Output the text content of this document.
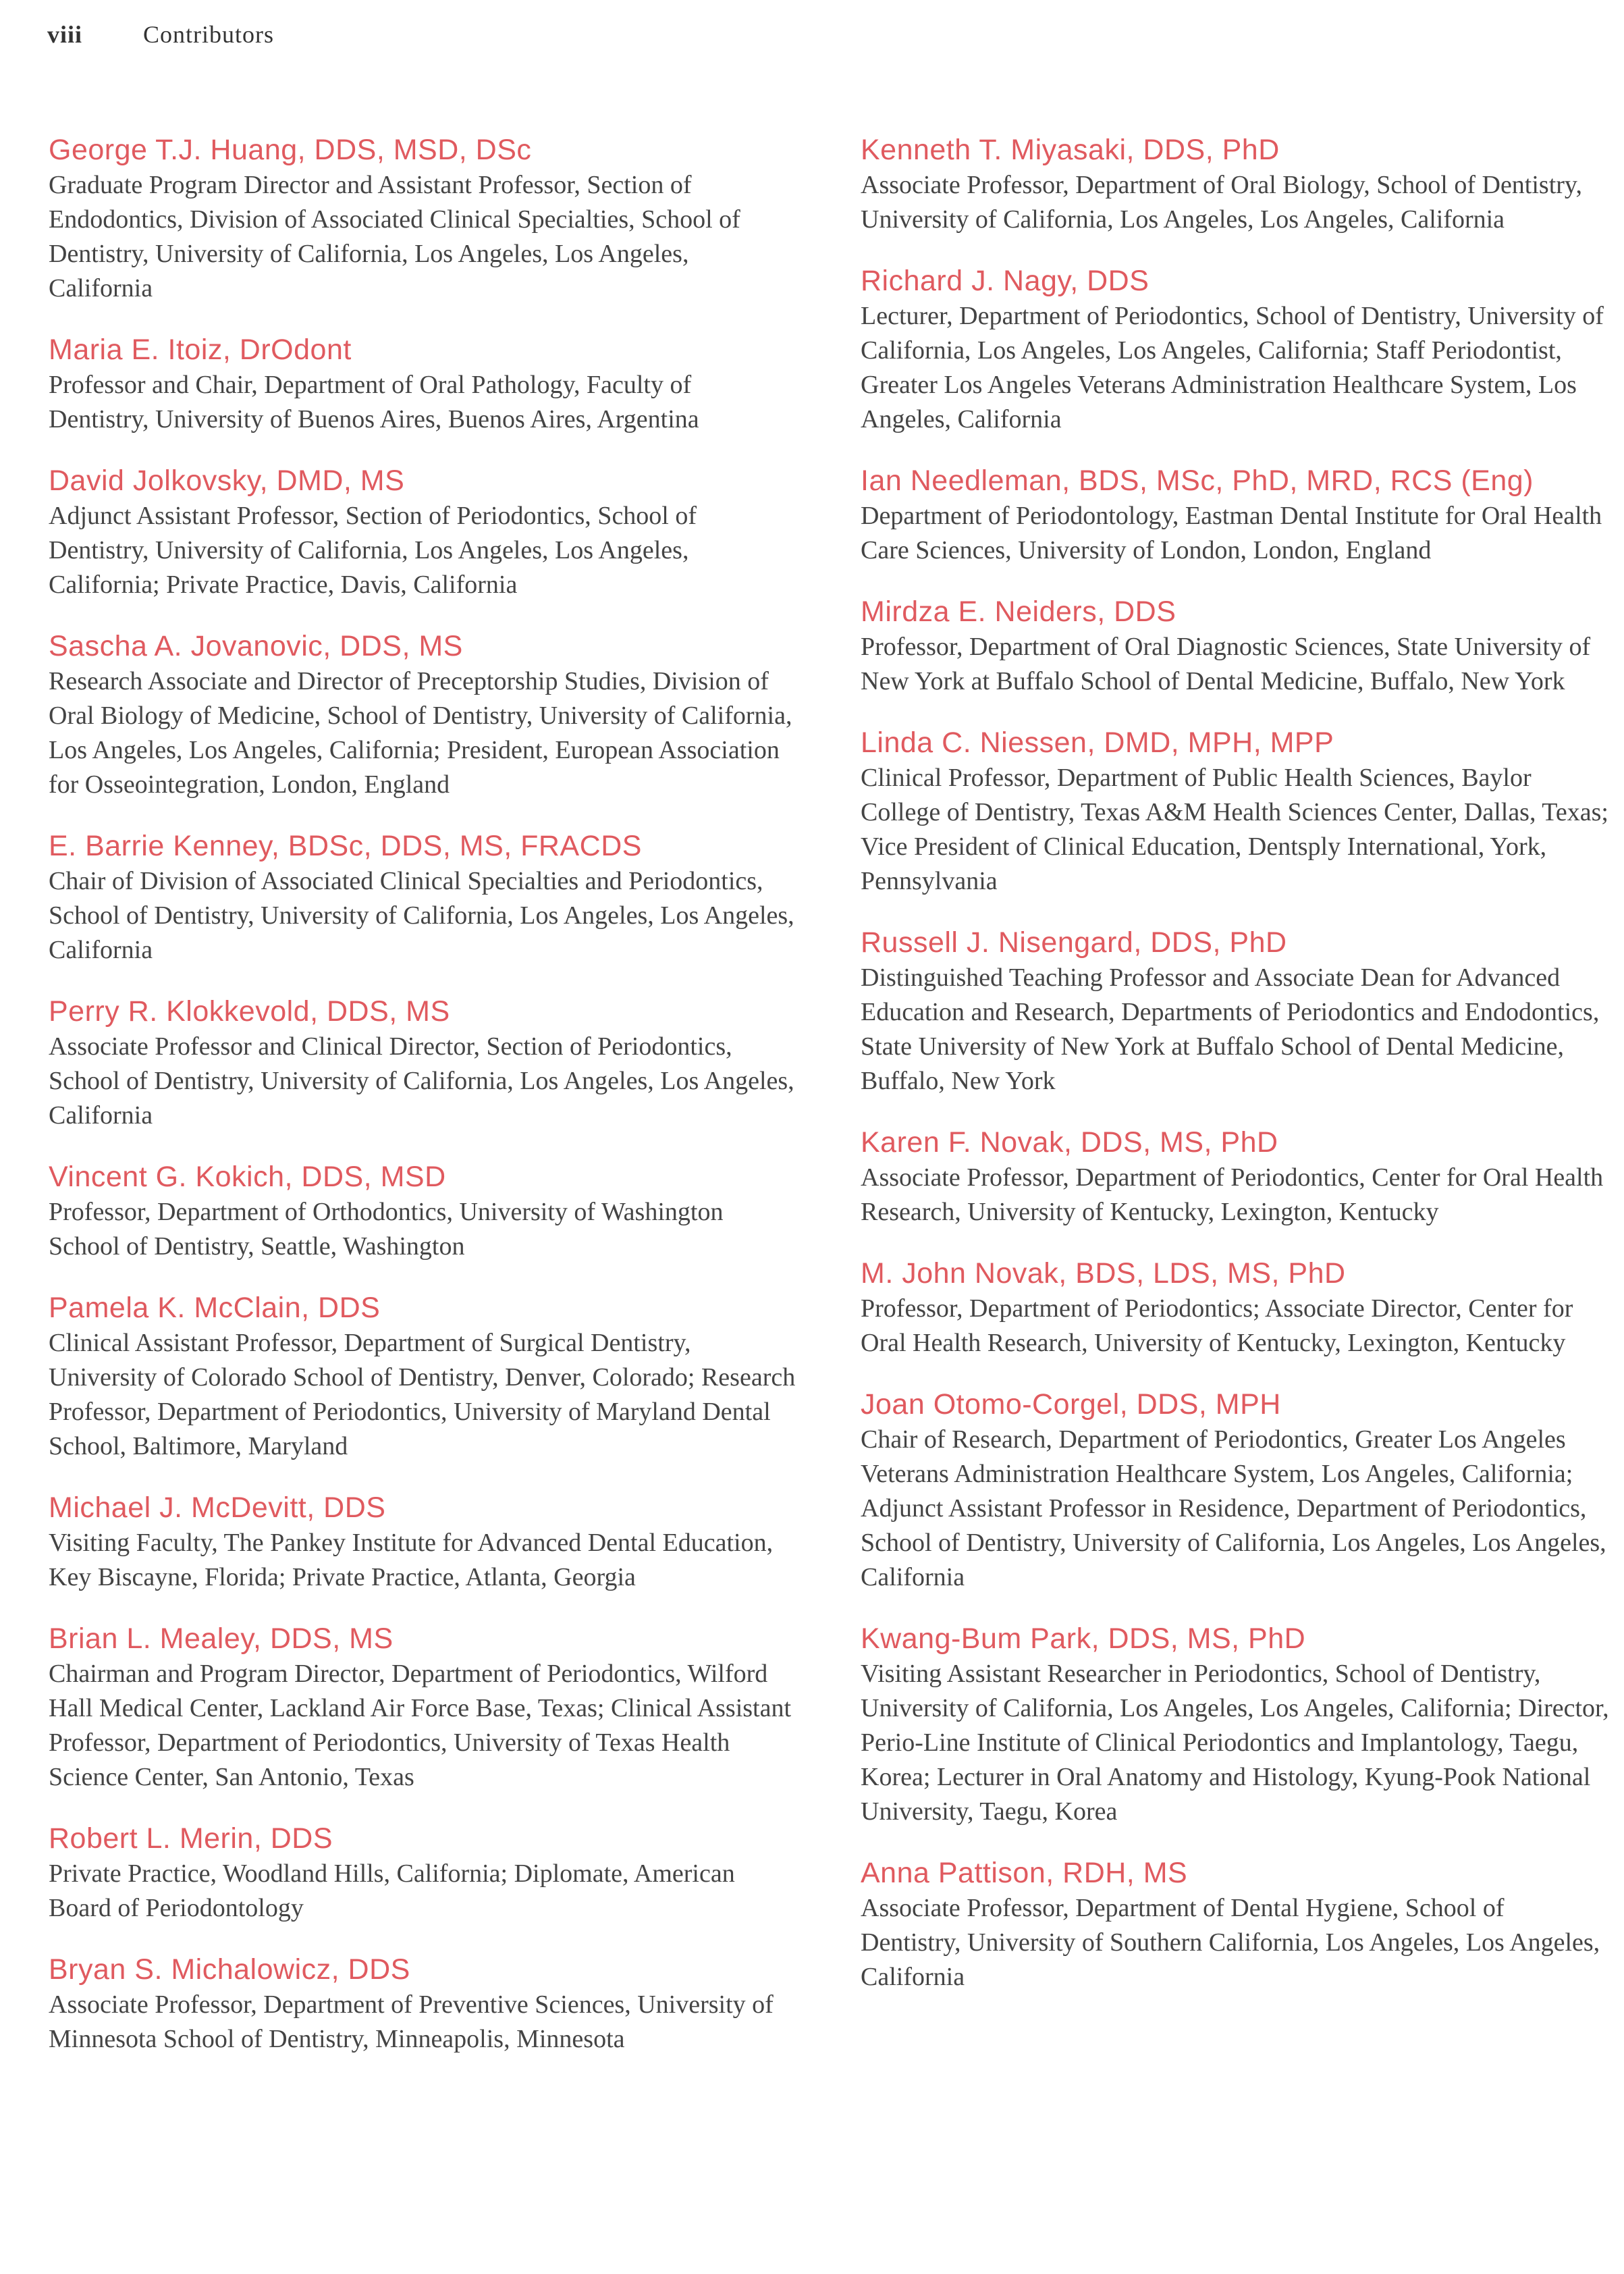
viii	Contributors
George T.J. Huang, DDS, MSD, DSc
Graduate Program Director and Assistant Professor, Section of Endodontics, Division of Associated Clinical Specialties, School of Dentistry, University of California, Los Angeles, Los Angeles, California
Maria E. Itoiz, DrOdont
Professor and Chair, Department of Oral Pathology, Faculty of Dentistry, University of Buenos Aires, Buenos Aires, Argentina
David Jolkovsky, DMD, MS
Adjunct Assistant Professor, Section of Periodontics, School of Dentistry, University of California, Los Angeles, Los Angeles, California; Private Practice, Davis, California
Sascha A. Jovanovic, DDS, MS
Research Associate and Director of Preceptorship Studies, Division of Oral Biology of Medicine, School of Dentistry, University of California, Los Angeles, Los Angeles, California; President, European Association for Osseointegration, London, England
E. Barrie Kenney, BDSc, DDS, MS, FRACDS
Chair of Division of Associated Clinical Specialties and Periodontics, School of Dentistry, University of California, Los Angeles, Los Angeles, California
Perry R. Klokkevold, DDS, MS
Associate Professor and Clinical Director, Section of Periodontics, School of Dentistry, University of California, Los Angeles, Los Angeles, California
Vincent G. Kokich, DDS, MSD
Professor, Department of Orthodontics, University of Washington School of Dentistry, Seattle, Washington
Pamela K. McClain, DDS
Clinical Assistant Professor, Department of Surgical Dentistry, University of Colorado School of Dentistry, Denver, Colorado; Research Professor, Department of Periodontics, University of Maryland Dental School, Baltimore, Maryland
Michael J. McDevitt, DDS
Visiting Faculty, The Pankey Institute for Advanced Dental Education, Key Biscayne, Florida; Private Practice, Atlanta, Georgia
Brian L. Mealey, DDS, MS
Chairman and Program Director, Department of Periodontics, Wilford Hall Medical Center, Lackland Air Force Base, Texas; Clinical Assistant Professor, Department of Periodontics, University of Texas Health Science Center, San Antonio, Texas
Robert L. Merin, DDS
Private Practice, Woodland Hills, California; Diplomate, American Board of Periodontology
Bryan S. Michalowicz, DDS
Associate Professor, Department of Preventive Sciences, University of Minnesota School of Dentistry, Minneapolis, Minnesota
Kenneth T. Miyasaki, DDS, PhD
Associate Professor, Department of Oral Biology, School of Dentistry, University of California, Los Angeles, Los Angeles, California
Richard J. Nagy, DDS
Lecturer, Department of Periodontics, School of Dentistry, University of California, Los Angeles, Los Angeles, California; Staff Periodontist, Greater Los Angeles Veterans Administration Healthcare System, Los Angeles, California
Ian Needleman, BDS, MSc, PhD, MRD, RCS (Eng)
Department of Periodontology, Eastman Dental Institute for Oral Health Care Sciences, University of London, London, England
Mirdza E. Neiders, DDS
Professor, Department of Oral Diagnostic Sciences, State University of New York at Buffalo School of Dental Medicine, Buffalo, New York
Linda C. Niessen, DMD, MPH, MPP
Clinical Professor, Department of Public Health Sciences, Baylor College of Dentistry, Texas A&M Health Sciences Center, Dallas, Texas; Vice President of Clinical Education, Dentsply International, York, Pennsylvania
Russell J. Nisengard, DDS, PhD
Distinguished Teaching Professor and Associate Dean for Advanced Education and Research, Departments of Periodontics and Endodontics, State University of New York at Buffalo School of Dental Medicine, Buffalo, New York
Karen F. Novak, DDS, MS, PhD
Associate Professor, Department of Periodontics, Center for Oral Health Research, University of Kentucky, Lexington, Kentucky
M. John Novak, BDS, LDS, MS, PhD
Professor, Department of Periodontics; Associate Director, Center for Oral Health Research, University of Kentucky, Lexington, Kentucky
Joan Otomo-Corgel, DDS, MPH
Chair of Research, Department of Periodontics, Greater Los Angeles Veterans Administration Healthcare System, Los Angeles, California; Adjunct Assistant Professor in Residence, Department of Periodontics, School of Dentistry, University of California, Los Angeles, Los Angeles, California
Kwang-Bum Park, DDS, MS, PhD
Visiting Assistant Researcher in Periodontics, School of Dentistry, University of California, Los Angeles, Los Angeles, California; Director, Perio-Line Institute of Clinical Periodontics and Implantology, Taegu, Korea; Lecturer in Oral Anatomy and Histology, Kyung-Pook National University, Taegu, Korea
Anna Pattison, RDH, MS
Associate Professor, Department of Dental Hygiene, School of Dentistry, University of Southern California, Los Angeles, Los Angeles, California
